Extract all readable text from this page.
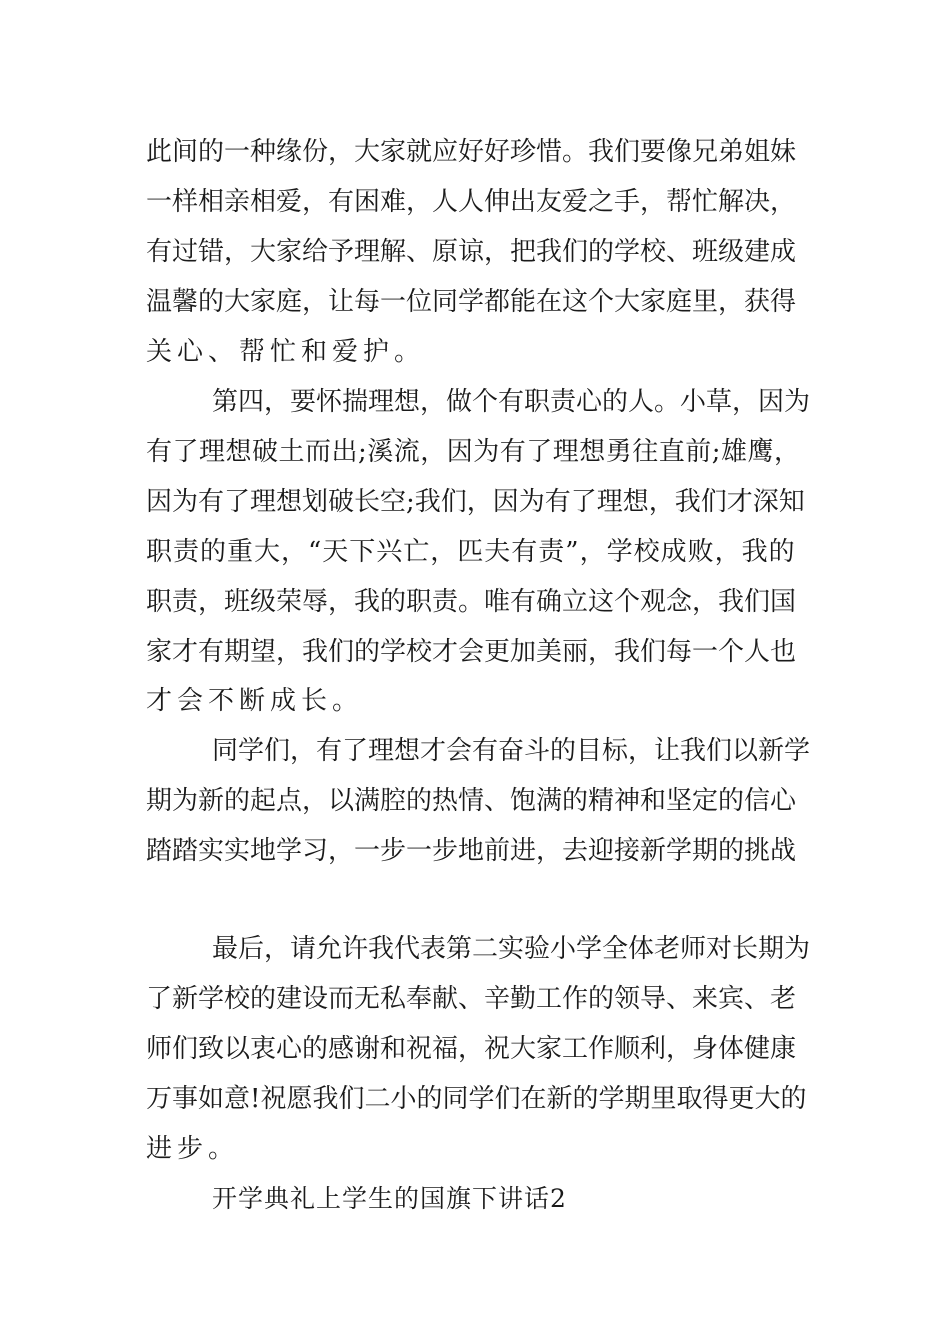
此间的一种缘份，大家就应好好珍惜。我们要像兄弟姐妹
一样相亲相爱，有困难，人人伸出友爱之手，帮忙解决，
有过错，大家给予理解、原谅，把我们的学校、班级建成
温馨的大家庭，让每一位同学都能在这个大家庭里，获得
关心、帮忙和爱护。
第四，要怀揣理想，做个有职责心的人。小草，因为
有了理想破土而出;溪流，因为有了理想勇往直前;雄鹰，
因为有了理想划破长空;我们，因为有了理想，我们才深知
职责的重大，“天下兴亡，匹夫有责”，学校成败，我的
职责，班级荣辱，我的职责。唯有确立这个观念，我们国
家才有期望，我们的学校才会更加美丽，我们每一个人也
才会不断成长。
同学们，有了理想才会有奋斗的目标，让我们以新学
期为新的起点，以满腔的热情、饱满的精神和坚定的信心
踏踏实实地学习，一步一步地前进，去迎接新学期的挑战
最后，请允许我代表第二实验小学全体老师对长期为
了新学校的建设而无私奉献、辛勤工作的领导、来宾、老
师们致以衷心的感谢和祝福，祝大家工作顺利，身体健康
万事如意!祝愿我们二小的同学们在新的学期里取得更大的
进步。
开学典礼上学生的国旗下讲话2
